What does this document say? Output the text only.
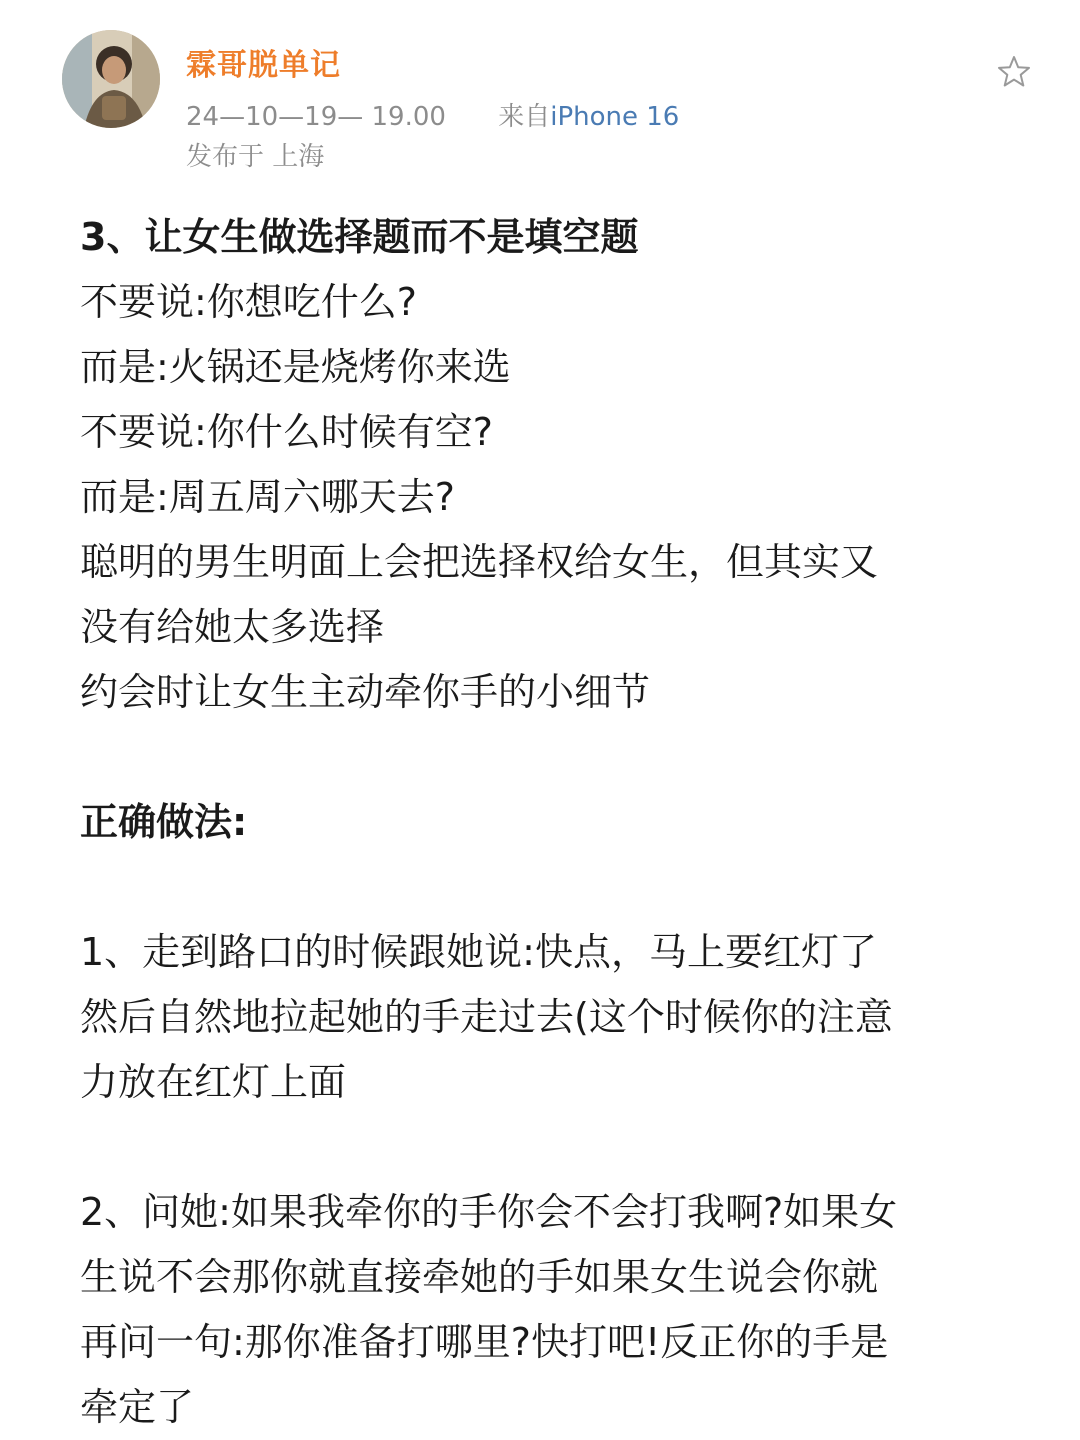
霖哥脱单记
24—10—19— 19.00 来自iPhone 16
发布于 上海
3、让女生做选择题而不是填空题
不要说:你想吃什么?
而是:火锅还是烧烤你来选
不要说:你什么时候有空?
而是:周五周六哪天去?
聪明的男生明面上会把选择权给女生，但其实又
没有给她太多选择
约会时让女生主动牵你手的小细节
正确做法:
1、走到路口的时候跟她说:快点，马上要红灯了
然后自然地拉起她的手走过去(这个时候你的注意
力放在红灯上面
2、问她:如果我牵你的手你会不会打我啊?如果女
生说不会那你就直接牵她的手如果女生说会你就
再问一句:那你准备打哪里?快打吧!反正你的手是
牵定了
